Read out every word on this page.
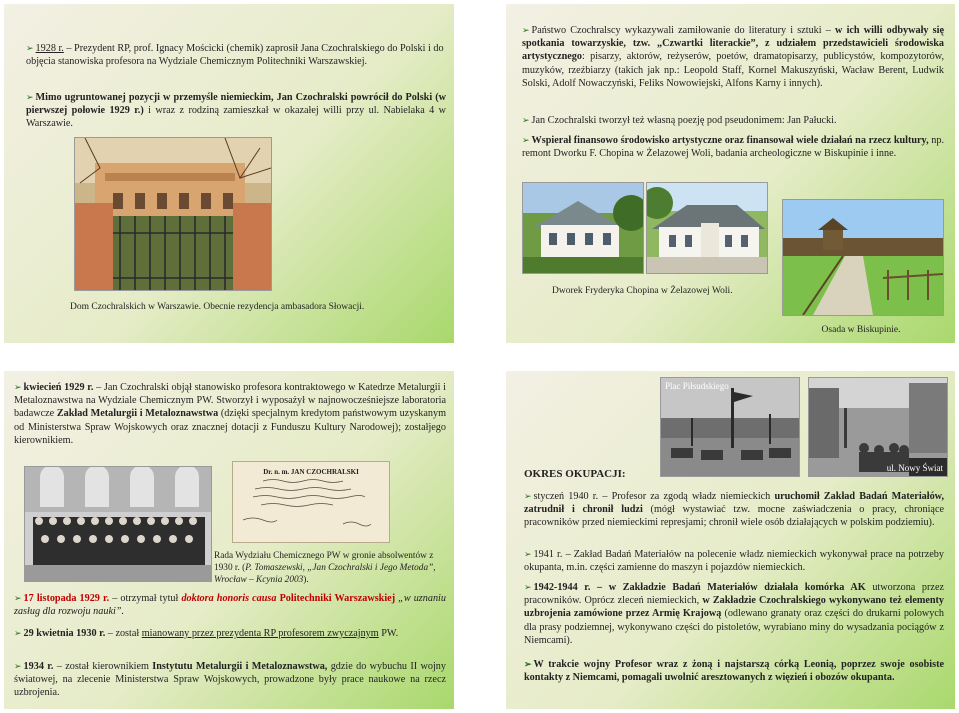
➢ 1928 r. – Prezydent RP, prof. Ignacy Mościcki (chemik) zaprosił Jana Czochralskiego do Polski i do objęcia stanowiska profesora na Wydziale Chemicznym Politechniki Warszawskiej.

➢ Mimo ugruntowanej pozycji w przemyśle niemieckim, Jan Czochralski powrócił do Polski (w pierwszej połowie 1929 r.) i wraz z rodziną zamieszkał w okazałej willi przy ul. Nabielaka 4 w Warszawie.

Dom Czochralskich w Warszawie. Obecnie rezydencja ambasadora Słowacji.

➢ Państwo Czochralscy wykazywali zamiłowanie do literatury i sztuki – w ich willi odbywały się spotkania towarzyskie, tzw. „Czwartki literackie”, z udziałem przedstawicieli środowiska artystycznego: pisarzy, aktorów, reżyserów, poetów, dramatopisarzy, publicystów, kompozytorów, muzyków, rzeźbiarzy (takich jak np.: Leopold Staff, Kornel Makuszyński, Wacław Berent, Ludwik Solski, Adolf Nowaczyński, Feliks Nowowiejski, Alfons Karny i innych).

➢ Jan Czochralski tworzył też własną poezję pod pseudonimem: Jan Pałucki.

➢ Wspierał finansowo środowisko artystyczne oraz finansował wiele działań na rzecz kultury, np. remont Dworku F. Chopina w Żelazowej Woli, badania archeologiczne w Biskupinie i inne.

Dworek Fryderyka Chopina w Żelazowej Woli.
Osada w Biskupinie.

➢ kwiecień 1929 r. – Jan Czochralski objął stanowisko profesora kontraktowego w Katedrze Metalurgii i Metaloznawstwa na Wydziale Chemicznym PW. Stworzył i wyposażył w najnowocześniejsze laboratoria badawcze Zakład Metalurgii i Metaloznawstwa (dzięki specjalnym kredytom państwowym uzyskanym od Ministerstwa Spraw Wojskowych oraz znacznej dotacji z Funduszu Kultury Narodowej); zostałjego kierownikiem.

Dr. n. m. JAN CZOCHRALSKI
Rada Wydziału Chemicznego PW w gronie absolwentów z 1930 r. (P. Tomaszewski, „Jan Czochralski i Jego Metoda”, Wrocław – Kcynia 2003).

➢ 17 listopada 1929 r. – otrzymał tytuł doktora honoris causa Politechniki Warszawskiej „w uznaniu zasług dla rozwoju nauki”.

➢ 29 kwietnia 1930 r. – został mianowany przez prezydenta RP profesorem zwyczajnym PW.

➢ 1934 r. – został kierownikiem Instytutu Metalurgii i Metaloznawstwa, gdzie do wybuchu II wojny światowej, na zlecenie Ministerstwa Spraw Wojskowych, prowadzone były prace naukowe na rzecz uzbrojenia.

Plac Piłsudskiego
ul. Nowy Świat
OKRES OKUPACJI:

➢ styczeń 1940 r. – Profesor za zgodą władz niemieckich uruchomił Zakład Badań Materiałów, zatrudnił i chronił ludzi (mógł wystawiać tzw. mocne zaświadczenia o pracy, chroniące pracowników przed niemieckimi represjami; chronił wiele osób działających w polskim podziemiu).

➢ 1941 r. – Zakład Badań Materiałów na polecenie władz niemieckich wykonywał prace na potrzeby okupanta, m.in. części zamienne do maszyn i pojazdów niemieckich.

➢ 1942-1944 r. – w Zakładzie Badań Materiałów działała komórka AK utworzona przez pracowników. Oprócz zleceń niemieckich, w Zakładzie Czochralskiego wykonywano też elementy uzbrojenia zamówione przez Armię Krajową (odlewano granaty oraz części do drukarni polowych dla prasy podziemnej, wykonywano części do pistoletów, wyrabiano miny do wysadzania pociągów z Niemcami).

➢ W trakcie wojny Profesor wraz z żoną i najstarszą córką Leonią, poprzez swoje osobiste kontakty z Niemcami, pomagali uwolnić aresztowanych z więzień i obozów okupanta.
